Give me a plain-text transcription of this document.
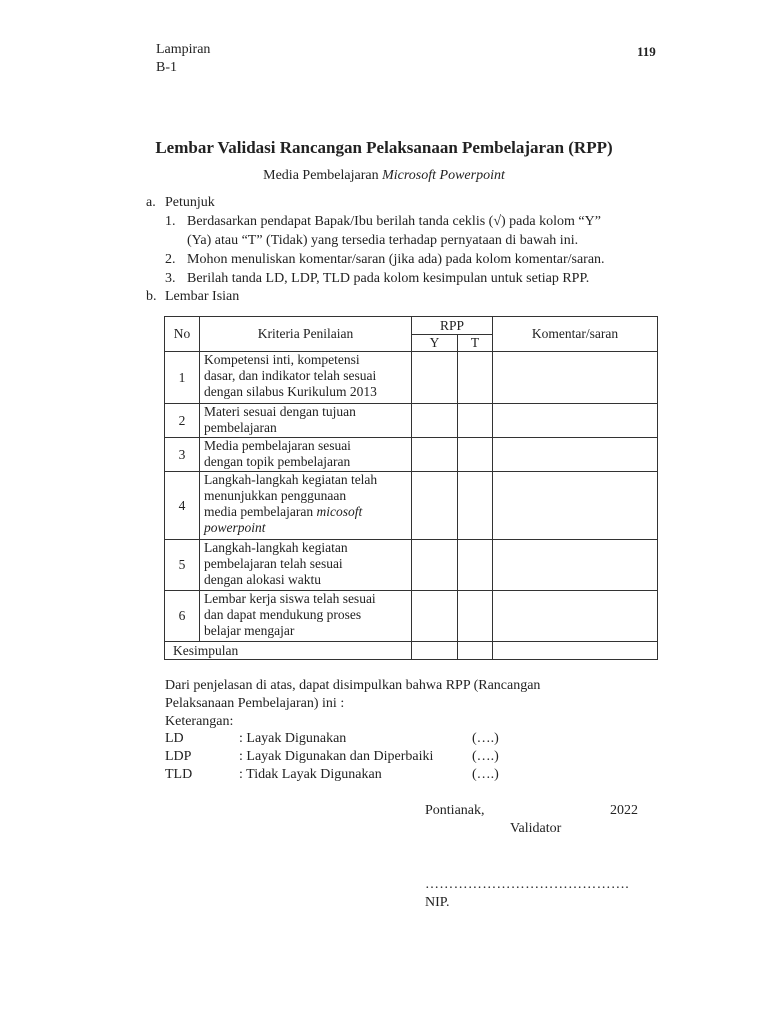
Lampiran B-1
119
Lembar Validasi Rancangan Pelaksanaan Pembelajaran (RPP)
Media Pembelajaran Microsoft Powerpoint
a. Petunjuk
1. Berdasarkan pendapat Bapak/Ibu berilah tanda ceklis (√) pada kolom “Y”
(Ya) atau “T” (Tidak) yang tersedia terhadap pernyataan di bawah ini.
2. Mohon menuliskan komentar/saran (jika ada) pada kolom komentar/saran.
3. Berilah tanda LD, LDP, TLD pada kolom kesimpulan untuk setiap RPP.
b. Lembar Isian
No	Kriteria Penilaian	RPP		Komentar/saran
		Y	T	
1	Kompetensi inti, kompetensi
dasar, dan indikator telah sesuai
dengan silabus Kurikulum 2013			

2	Materi sesuai dengan tujuan
pembelajaran			

3	Media pembelajaran sesuai
dengan topik pembelajaran			

4	Langkah-langkah kegiatan telah
menunjukkan penggunaan
media pembelajaran micosoft
powerpoint			

5	Langkah-langkah kegiatan
pembelajaran telah sesuai
dengan alokasi waktu			

6	Lembar kerja siswa telah sesuai
dan dapat mendukung proses
belajar mengajar			

Kesimpulan				
Dari penjelasan di atas, dapat disimpulkan bahwa RPP (Rancangan
Pelaksanaan Pembelajaran) ini :
Keterangan:
LD	: Layak Digunakan	(….)
LDP	: Layak Digunakan dan Diperbaiki	(….)
TLD	: Tidak Layak Digunakan	(….)
Pontianak,	2022
Validator
…………………………………….
NIP.
